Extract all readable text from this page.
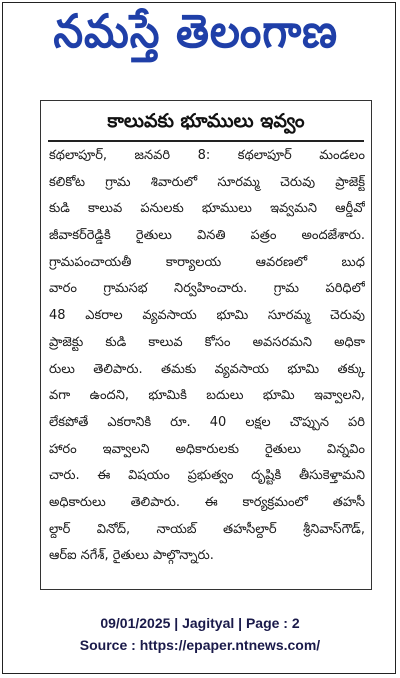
నమస్తే తెలంగాణ
కాలువకు భూములు ఇవ్వం
కథలాపూర్, జనవరి 8: కథలాపూర్ మండలం
కలికోట గ్రామ శివారులో సూరమ్మ చెరువు ప్రాజెక్ట్
కుడి కాలువ పనులకు భూములు ఇవ్వమని ఆర్డీవో
జీవాకర్‌రెడ్డికి రైతులు వినతి పత్రం అందజేశారు.
గ్రామపంచాయతీ కార్యాలయ ఆవరణలో బుధ
వారం గ్రామసభ నిర్వహించారు. గ్రామ పరిధిలో
48 ఎకరాల వ్యవసాయ భూమి సూరమ్మ చెరువు
ప్రాజెక్టు కుడి కాలువ కోసం అవసరమని అధికా
రులు తెలిపారు. తమకు వ్యవసాయ భూమి తక్కు
వగా ఉందని, భూమికి బదులు భూమి ఇవ్వాలని,
లేకపోతే ఎకరానికి రూ. 40 లక్షల చొప్పున పరి
హారం ఇవ్వాలని అధికారులకు రైతులు విన్నవిం
చారు. ఈ విషయం ప్రభుత్వం దృష్టికి తీసుకెళ్తామని
అధికారులు తెలిపారు. ఈ కార్యక్రమంలో తహసీ
ల్దార్ వినోద్, నాయబ్ తహసీల్దార్ శ్రీనివాస్‌గౌడ్,
ఆర్ఐ నగేశ్, రైతులు పాల్గొన్నారు.
09/01/2025 | Jagityal | Page : 2
Source : https://epaper.ntnews.com/
